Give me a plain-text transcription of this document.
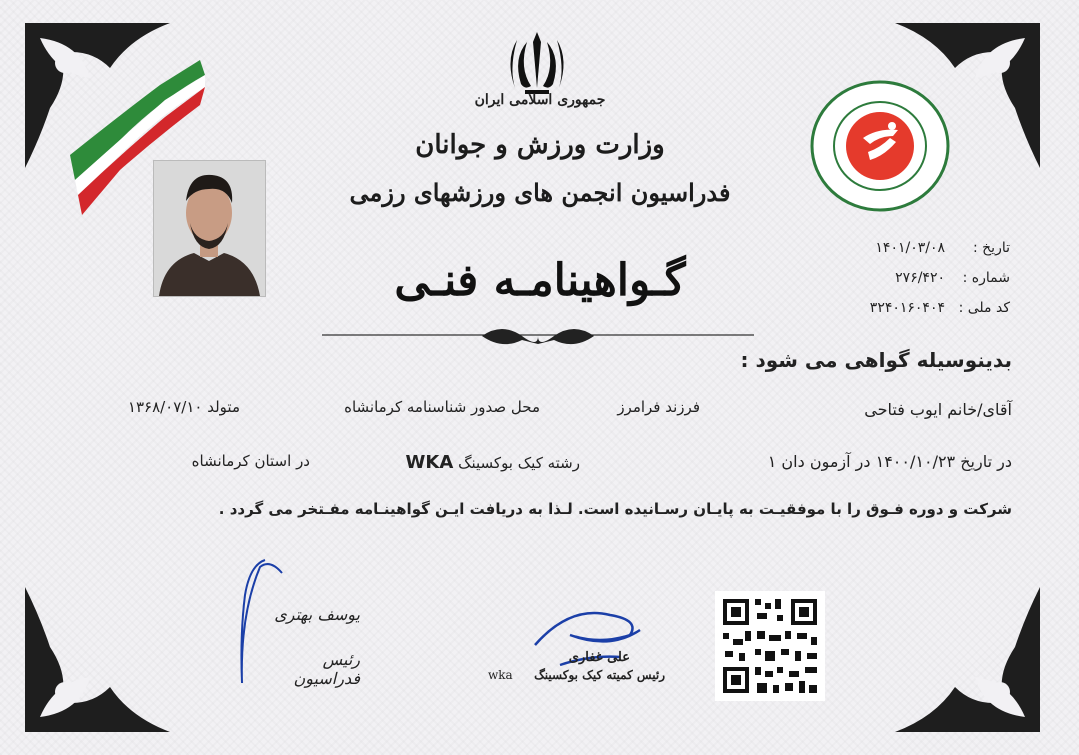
جمهوری اسلامی ایران
وزارت ورزش و جوانان
فدراسیون انجمن های ورزشهای رزمی
تاریخ :
۱۴۰۱/۰۳/۰۸
شماره :
۲۷۶/۴۲۰
کد ملی :
۳۲۴۰۱۶۰۴۰۴
گـواهینامـه فنـی
بدینوسیله گواهی می شود :
آقای/خانم ایوب فتاحی
فرزند فرامرز
محل صدور شناسنامه کرمانشاه
متولد ۱۳۶۸/۰۷/۱۰
در تاریخ ۱۴۰۰/۱۰/۲۳ در آزمون دان ۱
رشته کیک بوکسینگ WKA
در استان کرمانشاه
شرکت و دوره فـوق را با موفقیـت به پایـان رسـانیده است. لـذا به دریافت ایـن گواهینـامه مفـتخر می گردد .
یوسف بهتری
رئیس فدراسیون
علی غفاری
رئیس کمیته کیک بوکسینگ
wka
